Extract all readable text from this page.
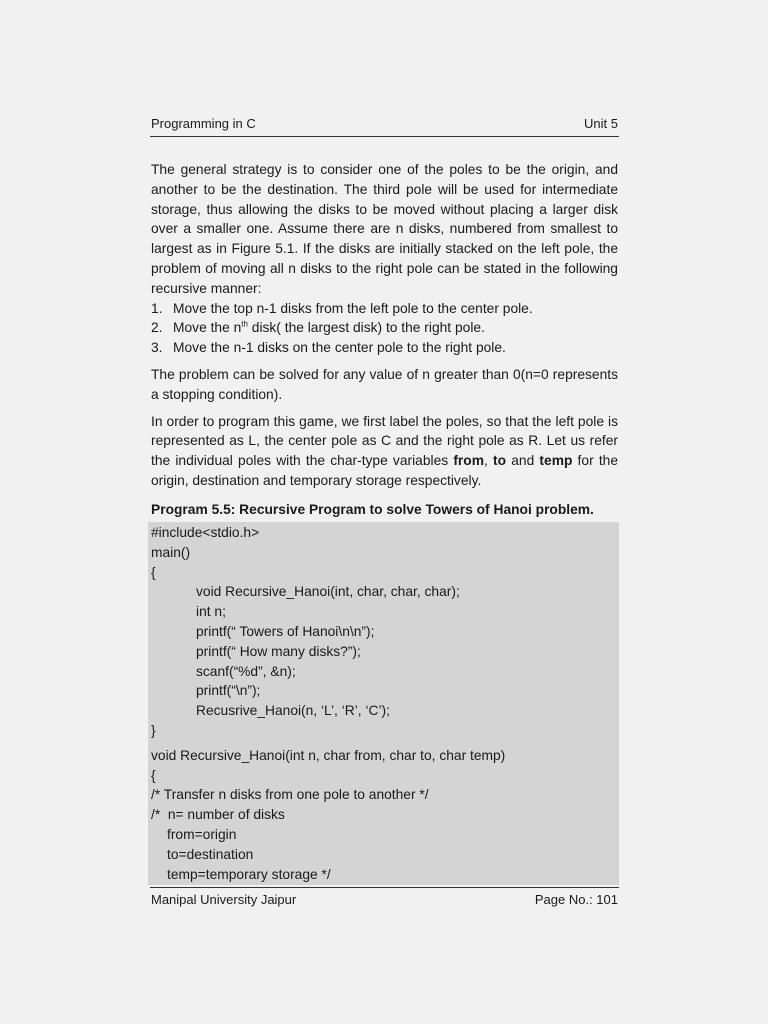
Programming in C	Unit 5

The general strategy is to consider one of the poles to be the origin, and another to be the destination. The third pole will be used for intermediate storage, thus allowing the disks to be moved without placing a larger disk over a smaller one. Assume there are n disks, numbered from smallest to largest as in Figure 5.1. If the disks are initially stacked on the left pole, the problem of moving all n disks to the right pole can be stated in the following recursive manner:

1. Move the top n-1 disks from the left pole to the center pole.
2. Move the $n^{th}$ disk( the largest disk) to the right pole.
3. Move the n-1 disks on the center pole to the right pole.

The problem can be solved for any value of n greater than 0(n=0 represents a stopping condition).

In order to program this game, we first label the poles, so that the left pole is represented as L, the center pole as C and the right pole as R. Let us refer the individual poles with the char-type variables from, to and temp for the origin, destination and temporary storage respectively.

Program 5.5: Recursive Program to solve Towers of Hanoi problem.

#include<stdio.h>
main()
{
void Recursive_Hanoi(int, char, char, char);
int n;
printf(“ Towers of Hanoi\n\n”);
printf(“ How many disks?”);
scanf(“%d”, &n);
printf(“\n”);
Recusrive_Hanoi(n, ‘L’, ‘R’, ‘C’);
}
void Recursive_Hanoi(int n, char from, char to, char temp)
{
/* Transfer n disks from one pole to another */
/*  n= number of disks
from=origin
to=destination
temp=temporary storage */
Manipal University Jaipur	Page No.: 101
